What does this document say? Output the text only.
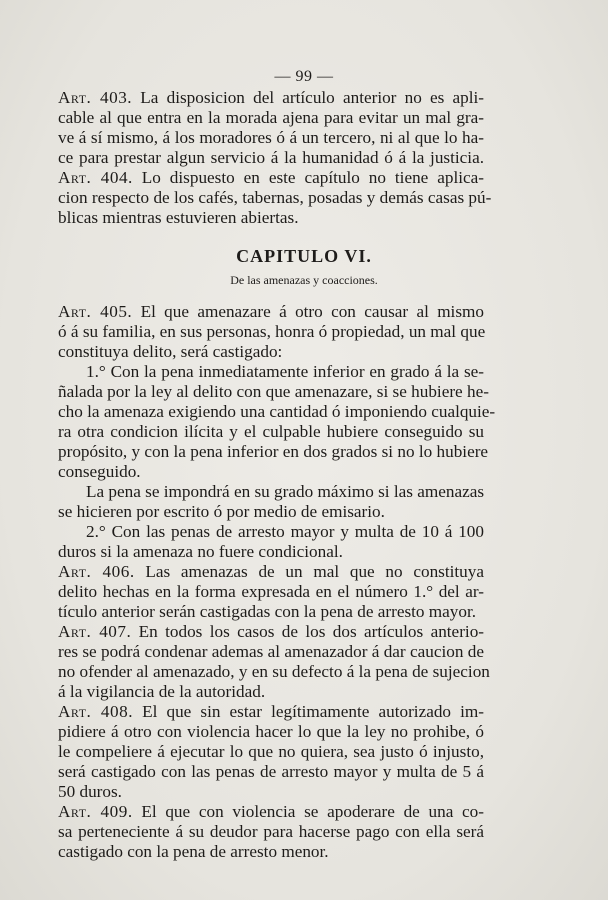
— 99 —
Art. 403. La disposicion del artículo anterior no es apli-
cable al que entra en la morada ajena para evitar un mal gra-
ve á sí mismo, á los moradores ó á un tercero, ni al que lo ha-
ce para prestar algun servicio á la humanidad ó á la justicia.
Art. 404. Lo dispuesto en este capítulo no tiene aplica-
cion respecto de los cafés, tabernas, posadas y demás casas pú-
blicas mientras estuvieren abiertas.
CAPITULO VI.
De las amenazas y coacciones.
Art. 405. El que amenazare á otro con causar al mismo
ó á su familia, en sus personas, honra ó propiedad, un mal que
constituya delito, será castigado:
1.° Con la pena inmediatamente inferior en grado á la se-
ñalada por la ley al delito con que amenazare, si se hubiere he-
cho la amenaza exigiendo una cantidad ó imponiendo cualquie-
ra otra condicion ilícita y el culpable hubiere conseguido su
propósito, y con la pena inferior en dos grados si no lo hubiere
conseguido.
La pena se impondrá en su grado máximo si las amenazas
se hicieren por escrito ó por medio de emisario.
2.° Con las penas de arresto mayor y multa de 10 á 100
duros si la amenaza no fuere condicional.
Art. 406. Las amenazas de un mal que no constituya
delito hechas en la forma expresada en el número 1.° del ar-
tículo anterior serán castigadas con la pena de arresto mayor.
Art. 407. En todos los casos de los dos artículos anterio-
res se podrá condenar ademas al amenazador á dar caucion de
no ofender al amenazado, y en su defecto á la pena de sujecion
á la vigilancia de la autoridad.
Art. 408. El que sin estar legítimamente autorizado im-
pidiere á otro con violencia hacer lo que la ley no prohibe, ó
le compeliere á ejecutar lo que no quiera, sea justo ó injusto,
será castigado con las penas de arresto mayor y multa de 5 á
50 duros.
Art. 409. El que con violencia se apoderare de una co-
sa perteneciente á su deudor para hacerse pago con ella será
castigado con la pena de arresto menor.
